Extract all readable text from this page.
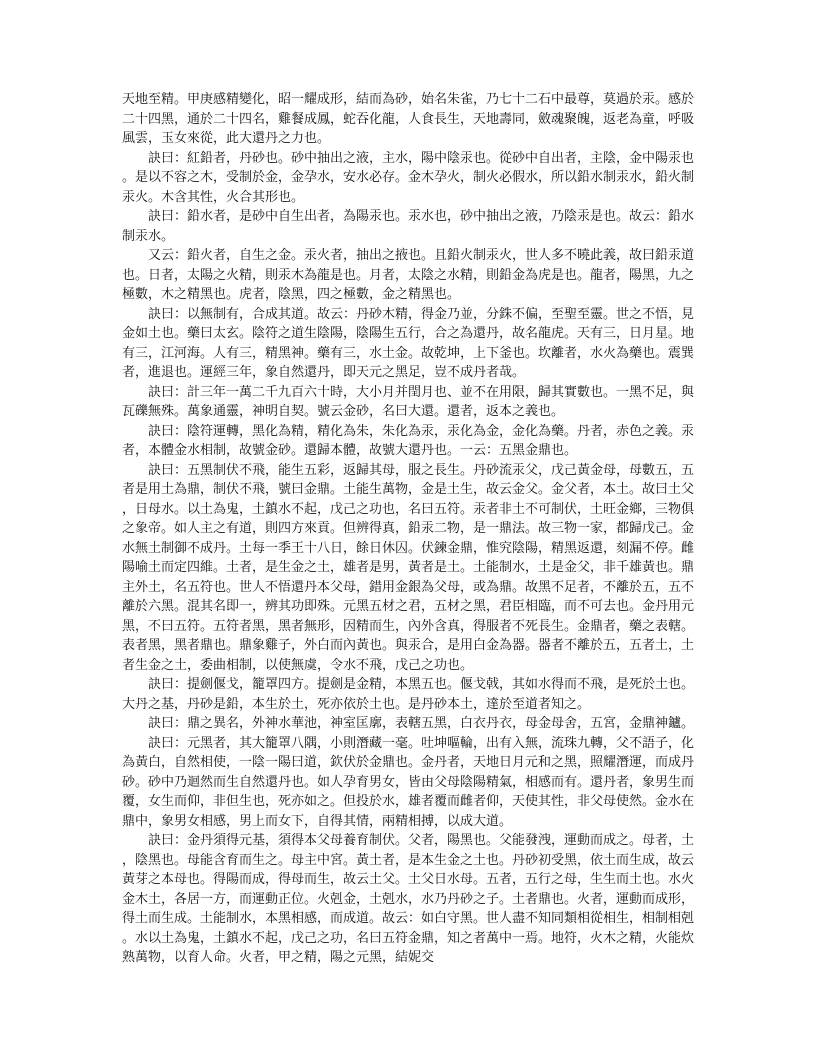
天地至精。甲庚感精變化，昭一耀成形，結而為砂，始名朱雀，乃七十二石中最尊，莫過於汞。感於二十四黑，通於二十四名，雞餐成鳳，蛇吞化龍，人食長生，天地壽同，斂魂聚魄，返老為童，呼吸風雲，玉女來從，此大還丹之力也。

訣曰：紅鉛者，丹砂也。砂中抽出之液，主水，陽中陰汞也。從砂中自出者，主陰，金中陽汞也。是以不容之木，受制於金，金孕水，安水必存。金木孕火，制火必假水，所以鉛水制汞水，鉛火制汞火。木含其性，火合其形也。

訣曰：鉛水者，是砂中自生出者，為陽汞也。汞水也，砂中抽出之液，乃陰汞是也。故云：鉛水制汞水。

又云：鉛火者，自生之金。汞火者，抽出之掖也。且鉛火制汞火，世人多不曉此義，故曰鉛汞道也。日者，太陽之火精，則汞木為龍是也。月者，太陰之水精，則鉛金為虎是也。龍者，陽黑，九之極數，木之精黑也。虎者，陰黑，四之極數，金之精黑也。

訣曰：以無制有，合成其道。故云：丹砂木精，得金乃並，分銖不偏，至聖至靈。世之不悟，見金如土也。藥曰太玄。陰符之道生陰陽，陰陽生五行，合之為還丹，故名龍虎。天有三，日月星。地有三，江河海。人有三，精黑神。藥有三，水土金。故乾坤，上下釜也。坎離者，水火為藥也。震巽者，進退也。運經三年，象自然還丹，即天元之黑足，豈不成丹者哉。

訣曰：計三年一萬二千九百六十時，大小月并閏月也、並不在用限，歸其實數也。一黑不足，與瓦礫無殊。萬象通靈，神明自契。號云金砂，名曰大還。還者，返本之義也。

訣曰：陰符運轉，黑化為精，精化為朱，朱化為汞，汞化為金，金化為藥。丹者，赤色之義。汞者，本體金水相制，故號金砂。還歸本體，故號大還丹也。一云：五黑金鼎也。

訣曰：五黑制伏不飛，能生五彩，返歸其母，服之長生。丹砂流汞父，戊己黃金母，母數五，五者是用土為鼎，制伏不飛，號曰金鼎。土能生萬物，金是土生，故云金父。金父者，本土。故曰土父，日母水。以土為鬼，土鎮水不起，戊己之功也，名曰五符。汞者非土不可制伏，土旺金鄉，三物俱之象帝。如人主之有道，則四方來貢。但辨得真，鉛汞二物，是一鼎法。故三物一家，都歸戊己。金水無土制御不成丹。土每一季王十八日，餘日休囚。伏鍊金鼎，惟究陰陽，精黑返還，刻漏不停。雌陽喻土而定四維。土者，是生金之土，雄者是男，黃者是土。土能制水，土是金父，非千雄黃也。鼎主外土，名五符也。世人不悟還丹本父母，錯用金銀為父母，或為鼎。故黑不足者，不離於五，五不離於六黑。混其名即一，辨其功即殊。元黑五材之君，五材之黑，君臣相臨，而不可去也。金丹用元黑，不曰五符。五符者黑，黑者無形，因精而生，內外含真，得服者不死長生。金鼎者，藥之表轄。表者黑，黑者鼎也。鼎象雞子，外白而內黃也。與汞合，是用白金為器。器者不離於五，五者土，土者生金之土，委曲相制，以使無虞，令水不飛，戊己之功也。

訣曰：提劍偃戈，籠罩四方。提劍是金精，本黑五也。偃戈戟，其如水得而不飛，是死於土也。大丹之基，丹砂是鉛，本生於土，死亦依於土也。是丹砂本土，達於至道者知之。

訣曰：鼎之異名，外神水華池，神室匡廓，表轄五黑，白衣丹衣，母金母舍，五宮，金鼎神鑪。

訣曰：元黑者，其大籠罩八隅，小則潛藏一毫。吐坤嘔輪，出有入無，流珠九轉，父不語子，化為黃白，自然相使，一陰一陽曰道，欽伏於金鼎也。金丹者，天地日月元和之黑，照耀潛運，而成丹砂。砂中乃迴然而生自然還丹也。如人孕育男女，皆由父母陰陽精氣，相感而有。還丹者，象男生而覆，女生而仰，非但生也，死亦如之。但投於水，雄者覆而雌者仰，天使其性，非父母使然。金水在鼎中，象男女相感，男上而女下，自得其情，兩精相搏，以成大道。

訣曰：金丹須得元基，須得本父母養育制伏。父者，陽黑也。父能發洩，運動而成之。母者，土，陰黑也。母能含育而生之。母主中宮。黃土者，是本生金之土也。丹砂初受黑，依土而生成，故云黃芽之本母也。得陽而成，得母而生，故云土父。土父日水母。五者，五行之母，生生而土也。水火金木土，各居一方，而運動正位。火剋金，土剋水，水乃丹砂之子。土者鼎也。火者，運動而成形，得土而生成。土能制水，本黑相感，而成道。故云：如白守黑。世人盡不知同類相從相生，相制相剋。水以土為鬼，土鎮水不起，戊己之功，名曰五符金鼎，知之者萬中一焉。地符，火木之精，火能炊熟萬物，以育人命。火者，甲之精，陽之元黑，結妮交
